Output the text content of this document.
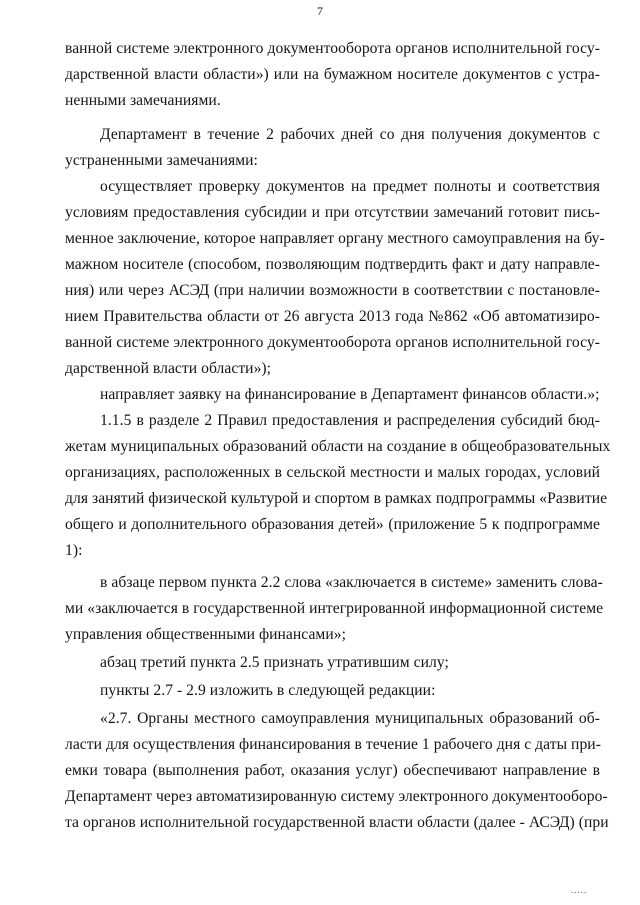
7
ванной системе электронного документооборота органов исполнительной госу-
дарственной власти области») или на бумажном носителе документов с устра-
ненными замечаниями.
Департамент в течение 2 рабочих дней со дня получения документов с
устраненными замечаниями:
осуществляет проверку документов на предмет полноты и соответствия
условиям предоставления субсидии и при отсутствии замечаний готовит пись-
менное заключение, которое направляет органу местного самоуправления на бу-
мажном носителе (способом, позволяющим подтвердить факт и дату направле-
ния) или через АСЭД (при наличии возможности в соответствии с постановле-
нием Правительства области от 26 августа 2013 года №862 «Об автоматизиро-
ванной системе электронного документооборота органов исполнительной госу-
дарственной власти области»);
направляет заявку на финансирование в Департамент финансов области.»;
1.1.5 в разделе 2 Правил предоставления и распределения субсидий бюд-
жетам муниципальных образований области на создание в общеобразовательных
организациях, расположенных в сельской местности и малых городах, условий
для занятий физической культурой и спортом в рамках подпрограммы «Развитие
общего и дополнительного образования детей» (приложение 5 к подпрограмме
1):
в абзаце первом пункта 2.2 слова «заключается в системе» заменить слова-
ми «заключается в государственной интегрированной информационной системе
управления общественными финансами»;
абзац третий пункта 2.5 признать утратившим силу;
пункты 2.7 - 2.9 изложить в следующей редакции:
«2.7. Органы местного самоуправления муниципальных образований об-
ласти для осуществления финансирования в течение 1 рабочего дня с даты при-
емки товара (выполнения работ, оказания услуг) обеспечивают направление в
Департамент через автоматизированную систему электронного документооборо-
та органов исполнительной государственной власти области (далее - АСЭД) (при
.....
